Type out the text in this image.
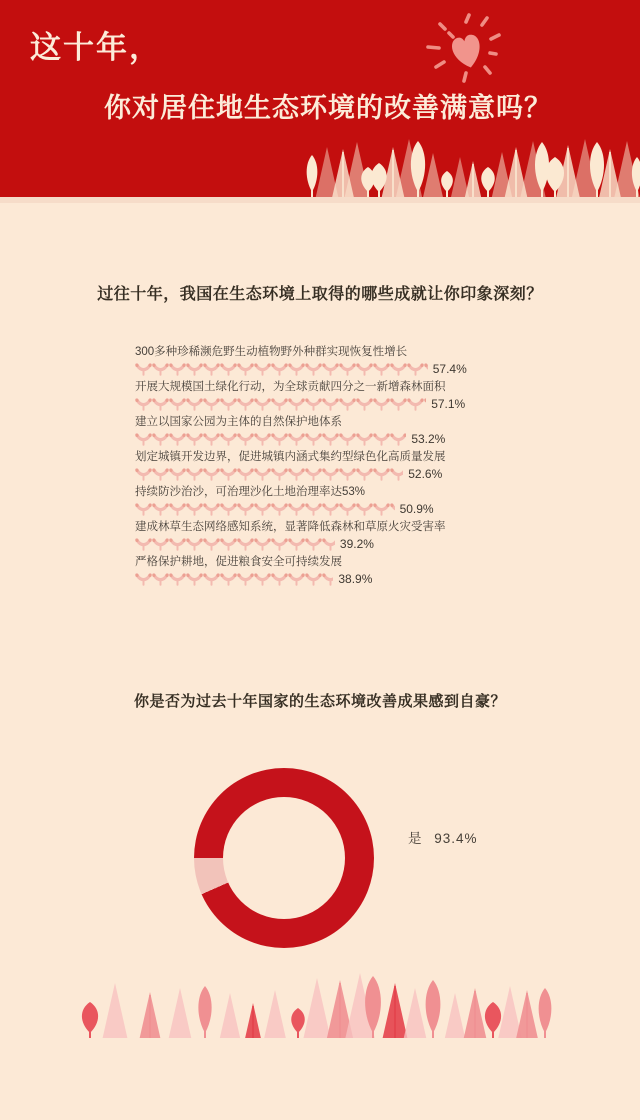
这十年，
你对居住地生态环境的改善满意吗？
过往十年，我国在生态环境上取得的哪些成就让你印象深刻？
300多种珍稀濒危野生动植物野外种群实现恢复性增长
57.4%
开展大规模国土绿化行动，为全球贡献四分之一新增森林面积
57.1%
建立以国家公园为主体的自然保护地体系
53.2%
划定城镇开发边界，促进城镇内涵式集约型绿色化高质量发展
52.6%
持续防沙治沙，可治理沙化土地治理率达53%
50.9%
建成林草生态网络感知系统，显著降低森林和草原火灾受害率
39.2%
严格保护耕地，促进粮食安全可持续发展
38.9%
你是否为过去十年国家的生态环境改善成果感到自豪？
是 93.4%
